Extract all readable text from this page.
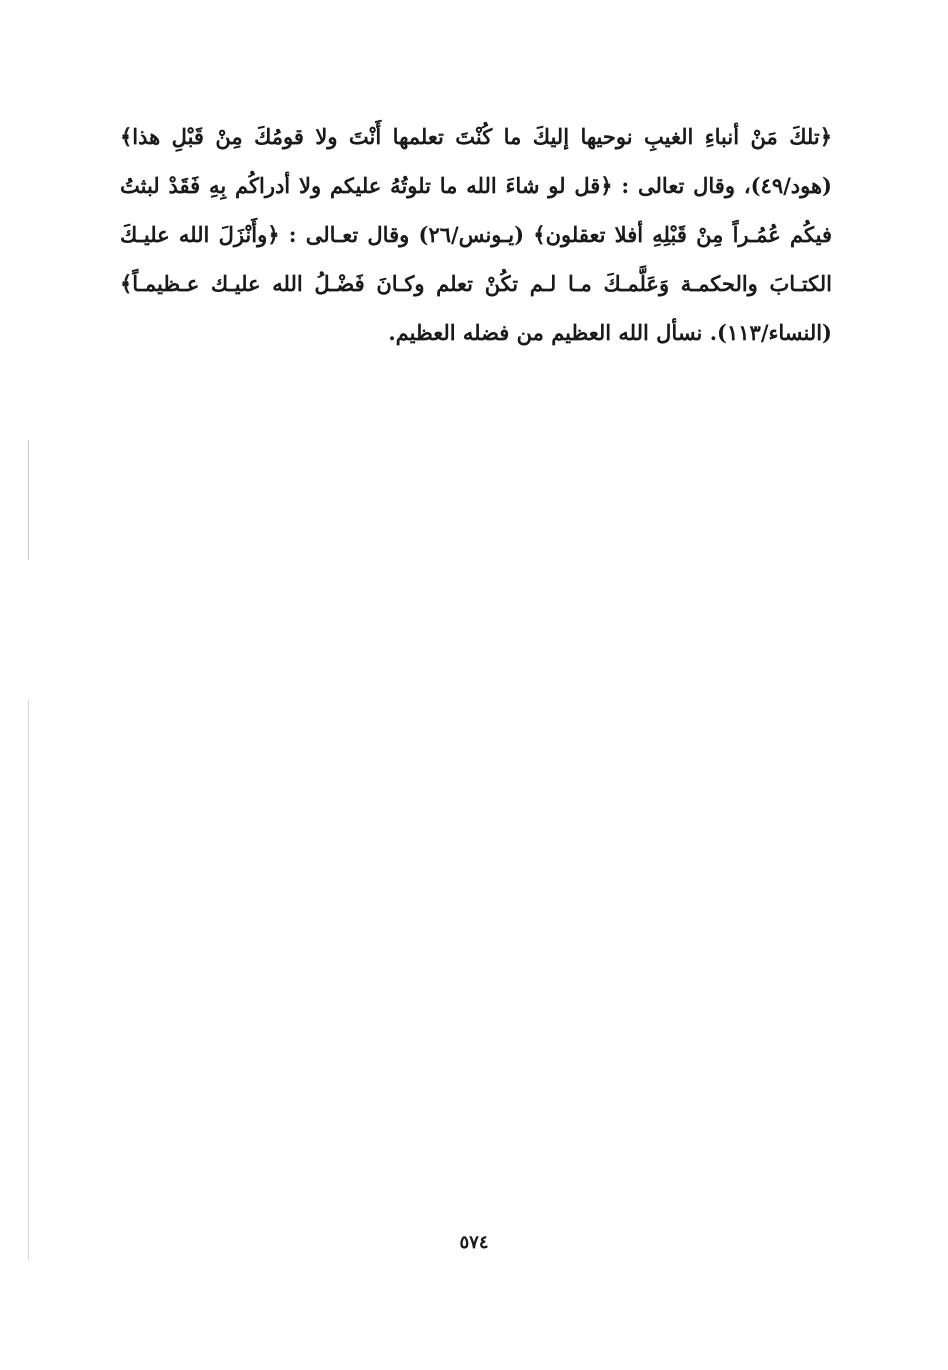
﴿تلكَ مَنْ أنباءِ الغيبِ نوحيها إليكَ ما كُنْتَ تعلمها أَنْتَ ولا قومُكَ مِنْ قَبْلِ هذا﴾
(هود/٤٩)، وقال تعالى : ﴿قل لو شاءَ الله ما تلوتُهُ عليكم ولا أدراكُم بِهِ فَقَدْ لبثتُ
فيكُم عُمُـراً مِنْ قَبْلِهِ أفلا تعقلون﴾ (يـونس/٢٦) وقال تعـالى : ﴿وأَنْزَلَ الله عليـكَ
الكتـابَ والحكمـة وَعَلَّمـكَ مـا لـم تكُنْ تعلم وكـانَ فَضْـلُ الله عليـك عـظيمـاً﴾
(النساء/١١٣). نسأل الله العظيم من فضله العظيم.
٥٧٤
